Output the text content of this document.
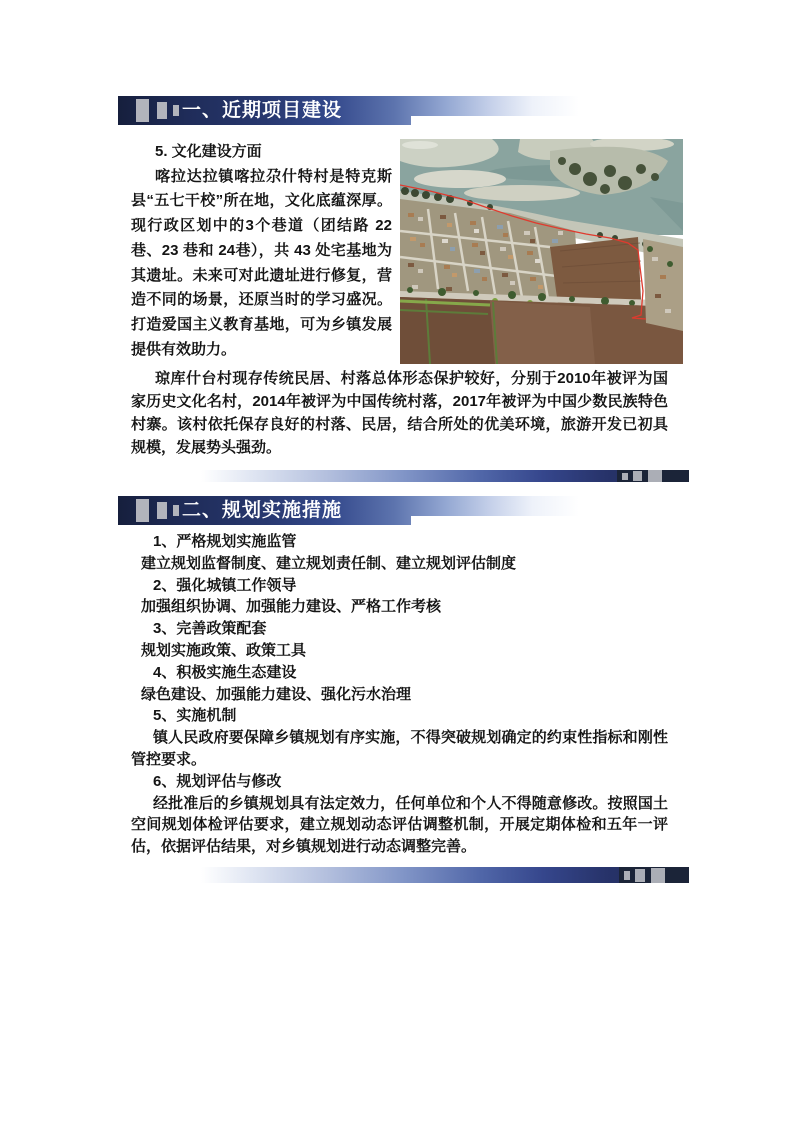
一、近期项目建设
5. 文化建设方面

喀拉达拉镇喀拉尕什特村是特克斯县“五七干校”所在地，文化底蕴深厚。现行政区划中的3个巷道（团结路 22 巷、23 巷和 24巷），共 43 处宅基地为其遗址。未来可对此遗址进行修复，营造不同的场景，还原当时的学习盛况。打造爱国主义教育基地，可为乡镇发展提供有效助力。

琼库什台村现存传统民居、村落总体形态保护较好，分别于2010年被评为国家历史文化名村，2014年被评为中国传统村落，2017年被评为中国少数民族特色村寨。该村依托保存良好的村落、民居，结合所处的优美环境，旅游开发已初具规模，发展势头强劲。

二、规划实施措施
1、严格规划实施监管
建立规划监督制度、建立规划责任制、建立规划评估制度
2、强化城镇工作领导
加强组织协调、加强能力建设、严格工作考核
3、完善政策配套
规划实施政策、政策工具
4、积极实施生态建设
绿色建设、加强能力建设、强化污水治理
5、实施机制
镇人民政府要保障乡镇规划有序实施，不得突破规划确定的约束性指标和刚性管控要求。
6、规划评估与修改
经批准后的乡镇规划具有法定效力，任何单位和个人不得随意修改。按照国土空间规划体检评估要求，建立规划动态评估调整机制，开展定期体检和五年一评估，依据评估结果，对乡镇规划进行动态调整完善。
